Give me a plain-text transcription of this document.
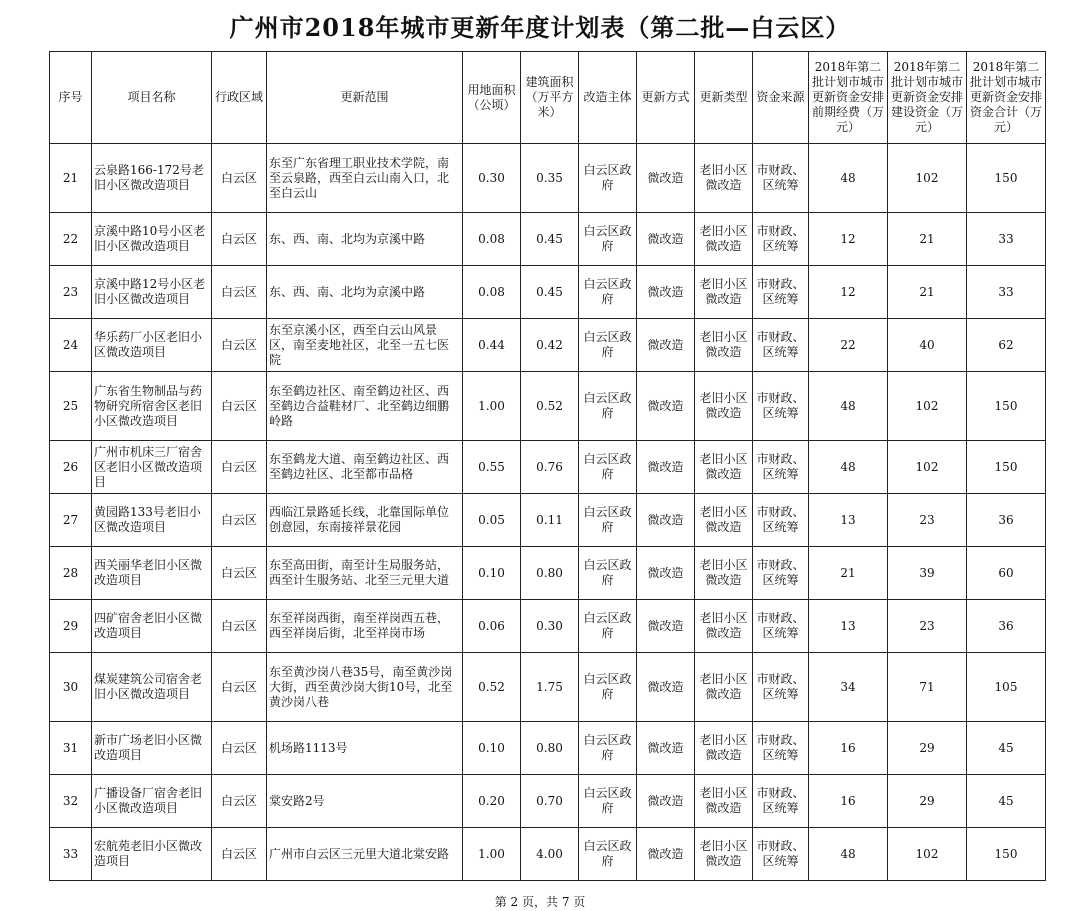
广州市2018年城市更新年度计划表（第二批—白云区）
序号	项目名称	行政区域	更新范围	用地面积（公顷）	建筑面积（万平方米）	改造主体	更新方式	更新类型	资金来源	2018年第二批计划市城市更新资金安排前期经费（万元）	2018年第二批计划市城市更新资金安排建设资金（万元）	2018年第二批计划市城市更新资金安排资金合计（万元）
21	云泉路166-172号老旧小区微改造项目	白云区	东至广东省理工职业技术学院，南至云泉路，西至白云山南入口，北至白云山	0.30	0.35	白云区政府	微改造	老旧小区微改造	市财政、区统筹	48	102	150
22	京溪中路10号小区老旧小区微改造项目	白云区	东、西、南、北均为京溪中路	0.08	0.45	白云区政府	微改造	老旧小区微改造	市财政、区统筹	12	21	33
23	京溪中路12号小区老旧小区微改造项目	白云区	东、西、南、北均为京溪中路	0.08	0.45	白云区政府	微改造	老旧小区微改造	市财政、区统筹	12	21	33
24	华乐药厂小区老旧小区微改造项目	白云区	东至京溪小区，西至白云山风景区，南至麦地社区，北至一五七医院	0.44	0.42	白云区政府	微改造	老旧小区微改造	市财政、区统筹	22	40	62
25	广东省生物制品与药物研究所宿舍区老旧小区微改造项目	白云区	东至鹤边社区、南至鹤边社区、西至鹤边合益鞋材厂、北至鹤边细鹏岭路	1.00	0.52	白云区政府	微改造	老旧小区微改造	市财政、区统筹	48	102	150
26	广州市机床三厂宿舍区老旧小区微改造项目	白云区	东至鹤龙大道、南至鹤边社区、西至鹤边社区、北至都市品格	0.55	0.76	白云区政府	微改造	老旧小区微改造	市财政、区统筹	48	102	150
27	黄园路133号老旧小区微改造项目	白云区	西临江景路延长线，北靠国际单位创意园，东南接祥景花园	0.05	0.11	白云区政府	微改造	老旧小区微改造	市财政、区统筹	13	23	36
28	西关丽华老旧小区微改造项目	白云区	东至高田街，南至计生局服务站，西至计生服务站、北至三元里大道	0.10	0.80	白云区政府	微改造	老旧小区微改造	市财政、区统筹	21	39	60
29	四矿宿舍老旧小区微改造项目	白云区	东至祥岗西街，南至祥岗西五巷，西至祥岗后街，北至祥岗市场	0.06	0.30	白云区政府	微改造	老旧小区微改造	市财政、区统筹	13	23	36
30	煤炭建筑公司宿舍老旧小区微改造项目	白云区	东至黄沙岗八巷35号，南至黄沙岗大街，西至黄沙岗大街10号，北至黄沙岗八巷	0.52	1.75	白云区政府	微改造	老旧小区微改造	市财政、区统筹	34	71	105
31	新市广场老旧小区微改造项目	白云区	机场路1113号	0.10	0.80	白云区政府	微改造	老旧小区微改造	市财政、区统筹	16	29	45
32	广播设备厂宿舍老旧小区微改造项目	白云区	棠安路2号	0.20	0.70	白云区政府	微改造	老旧小区微改造	市财政、区统筹	16	29	45
33	宏航苑老旧小区微改造项目	白云区	广州市白云区三元里大道北棠安路	1.00	4.00	白云区政府	微改造	老旧小区微改造	市财政、区统筹	48	102	150
第 2 页，共 7 页
